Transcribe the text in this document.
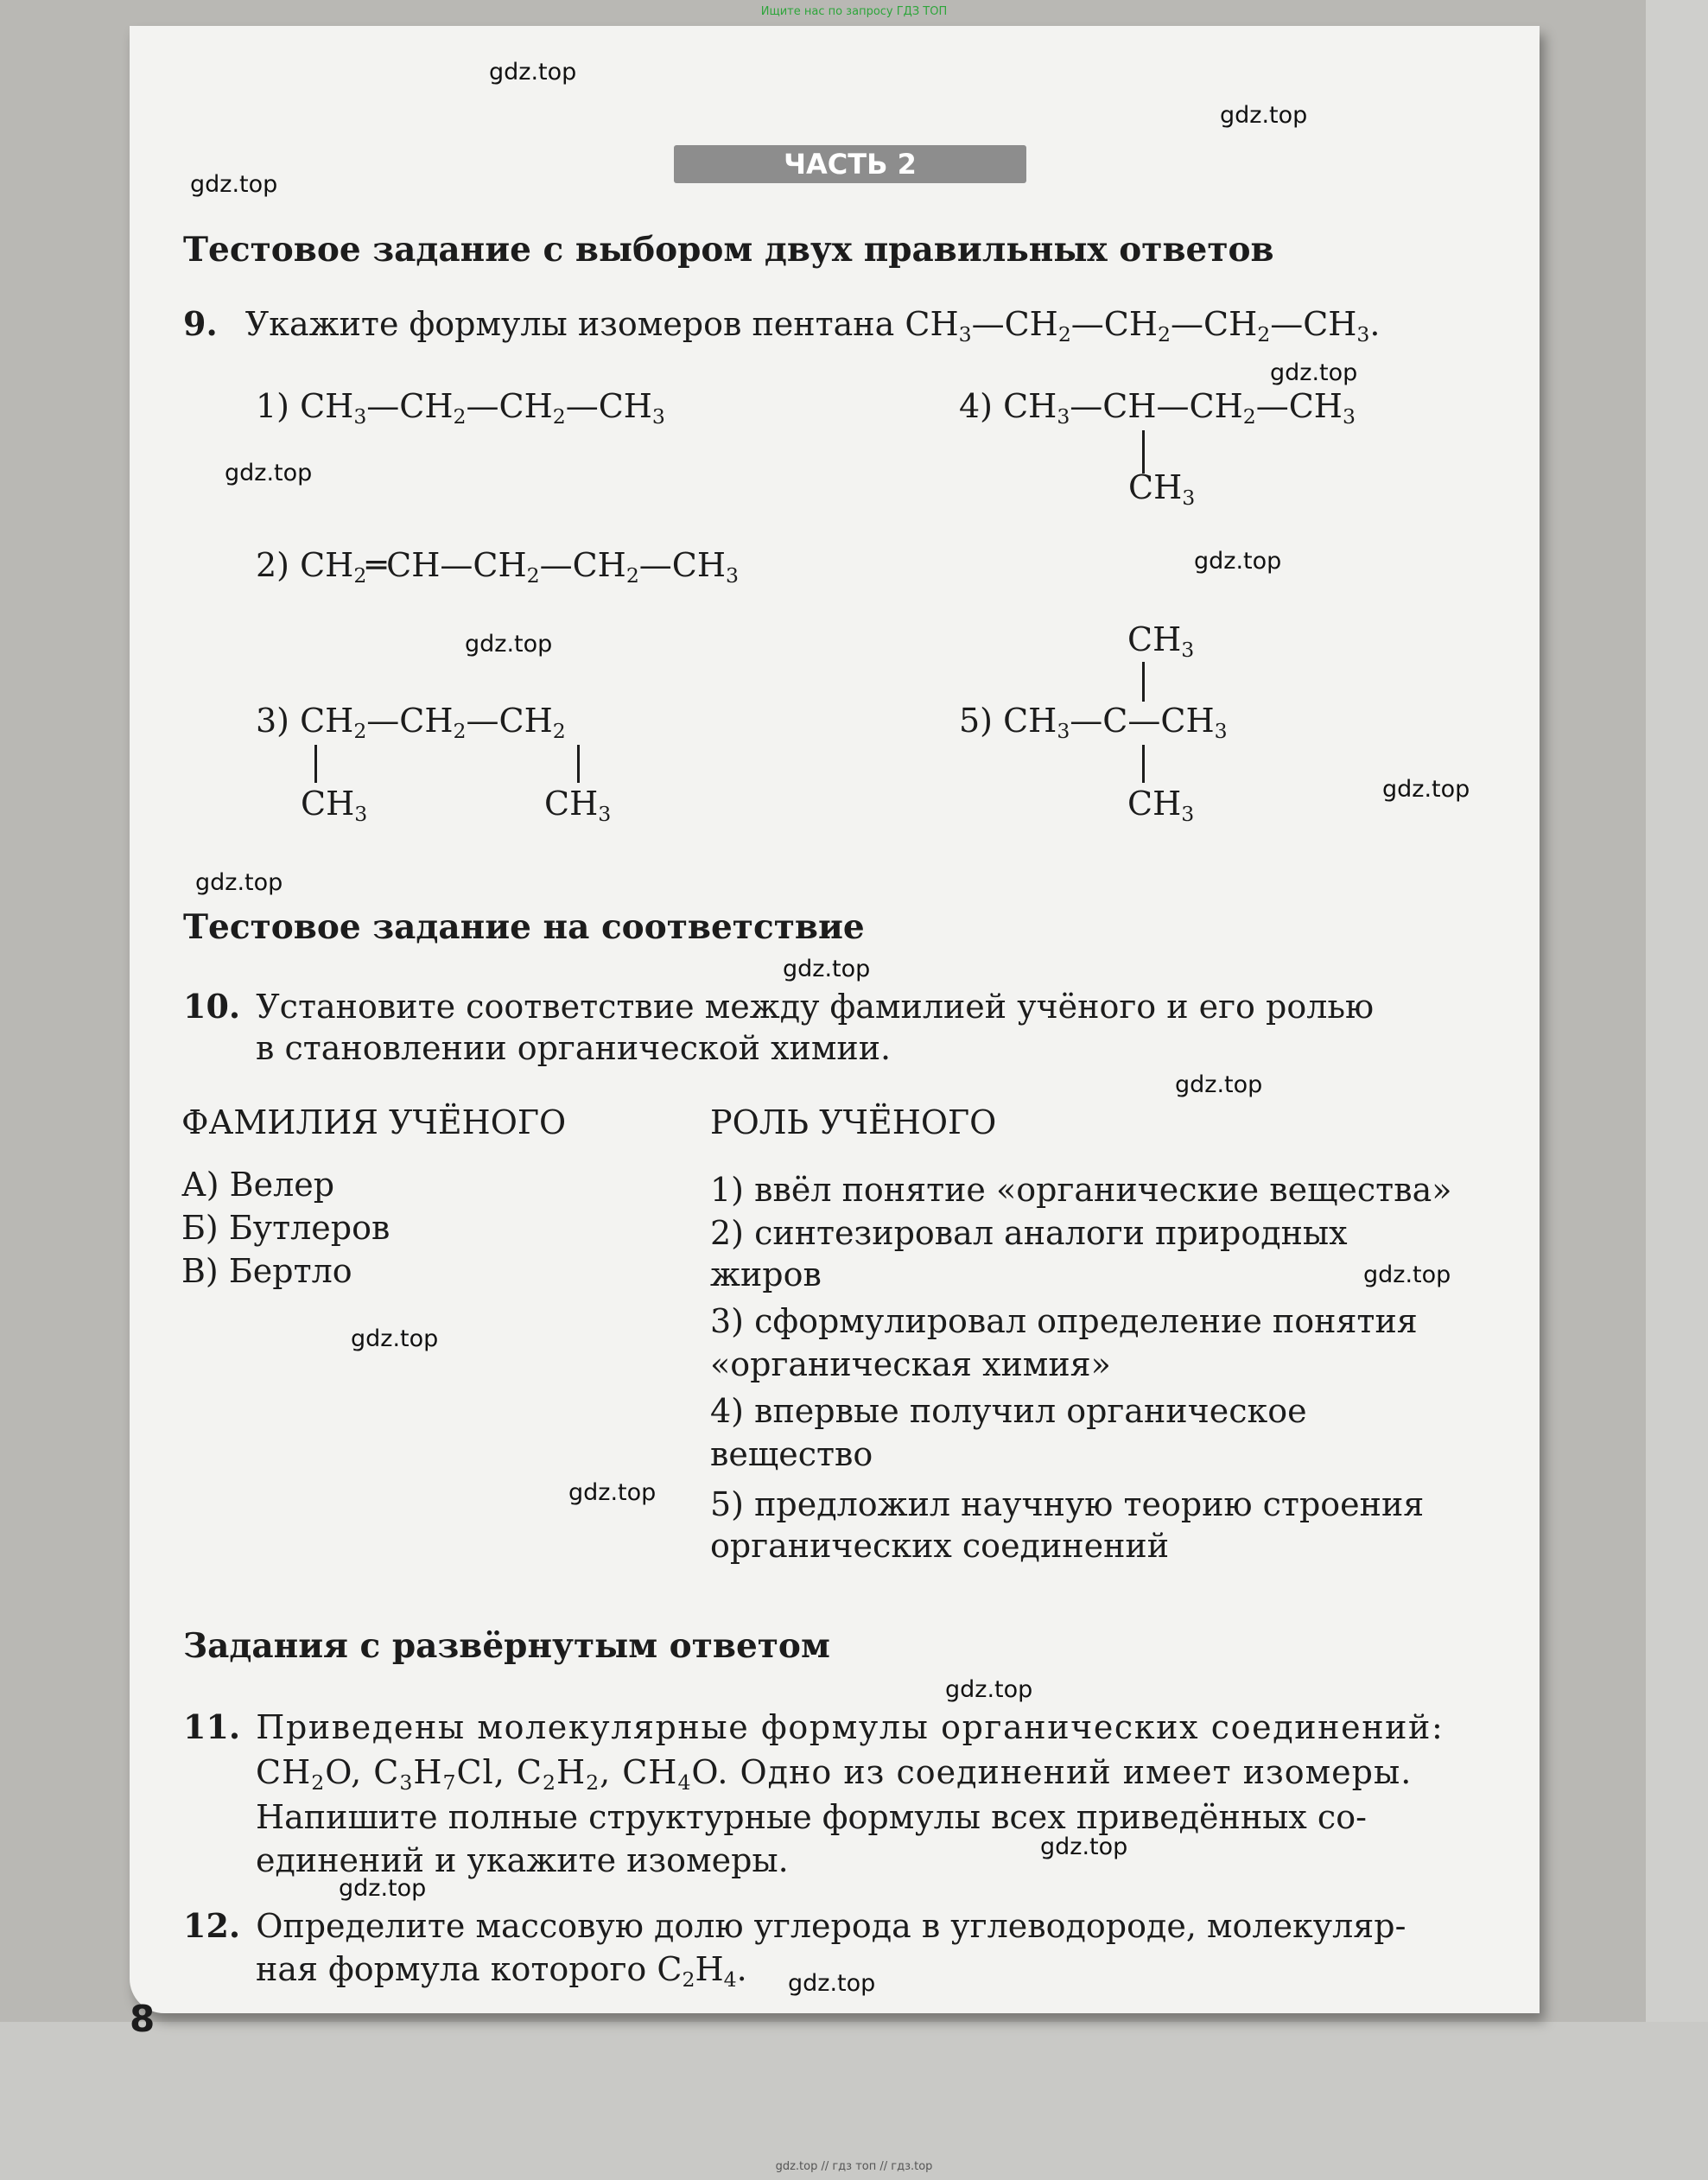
Ищите нас по запросу ГДЗ ТОП
ЧАСТЬ 2
Тестовое задание с выбором двух правильных ответов
9. Укажите формулы изомеров пентана $CH_3—CH_2—CH_2—CH_2—CH_3$.
1) $CH_3—CH_2—CH_2—CH_3$	4) $CH_3—CH—CH_2—CH_3$
$CH_3$
2) $CH_2═CH—CH_2—CH_2—CH_3$
3) $CH_2—CH_2—CH_2$
$CH_3$	$CH_3$
$CH_3$
5) $CH_3—C—CH_3$
$CH_3$
Тестовое задание на соответствие
10. Установите соответствие между фамилией учёного и его ролью
в становлении органической химии.
ФАМИЛИЯ УЧЁНОГО	РОЛЬ УЧЁНОГО
А) Велер
Б) Бутлеров
В) Бертло
1) ввёл понятие «органические вещества»
2) синтезировал аналоги природных
жиров
3) сформулировал определение понятия
«органическая химия»
4) впервые получил органическое
вещество
5) предложил научную теорию строения
органических соединений
Задания с развёрнутым ответом
11. Приведены молекулярные формулы органических соединений:
$CH_2O$, $C_3H_7Cl$, $C_2H_2$, $CH_4O$. Одно из соединений имеет изомеры.
Напишите полные структурные формулы всех приведённых со-
единений и укажите изомеры.
12. Определите массовую долю углерода в углеводороде, молекуляр-
ная формула которого $C_2H_4$.
gdz.top
gdz.top
gdz.top
gdz.top
gdz.top
gdz.top
gdz.top
gdz.top
gdz.top
gdz.top
gdz.top
gdz.top
gdz.top
gdz.top
gdz.top
gdz.top
gdz.top
gdz.top
8
gdz.top // гдз топ // гдз.top
